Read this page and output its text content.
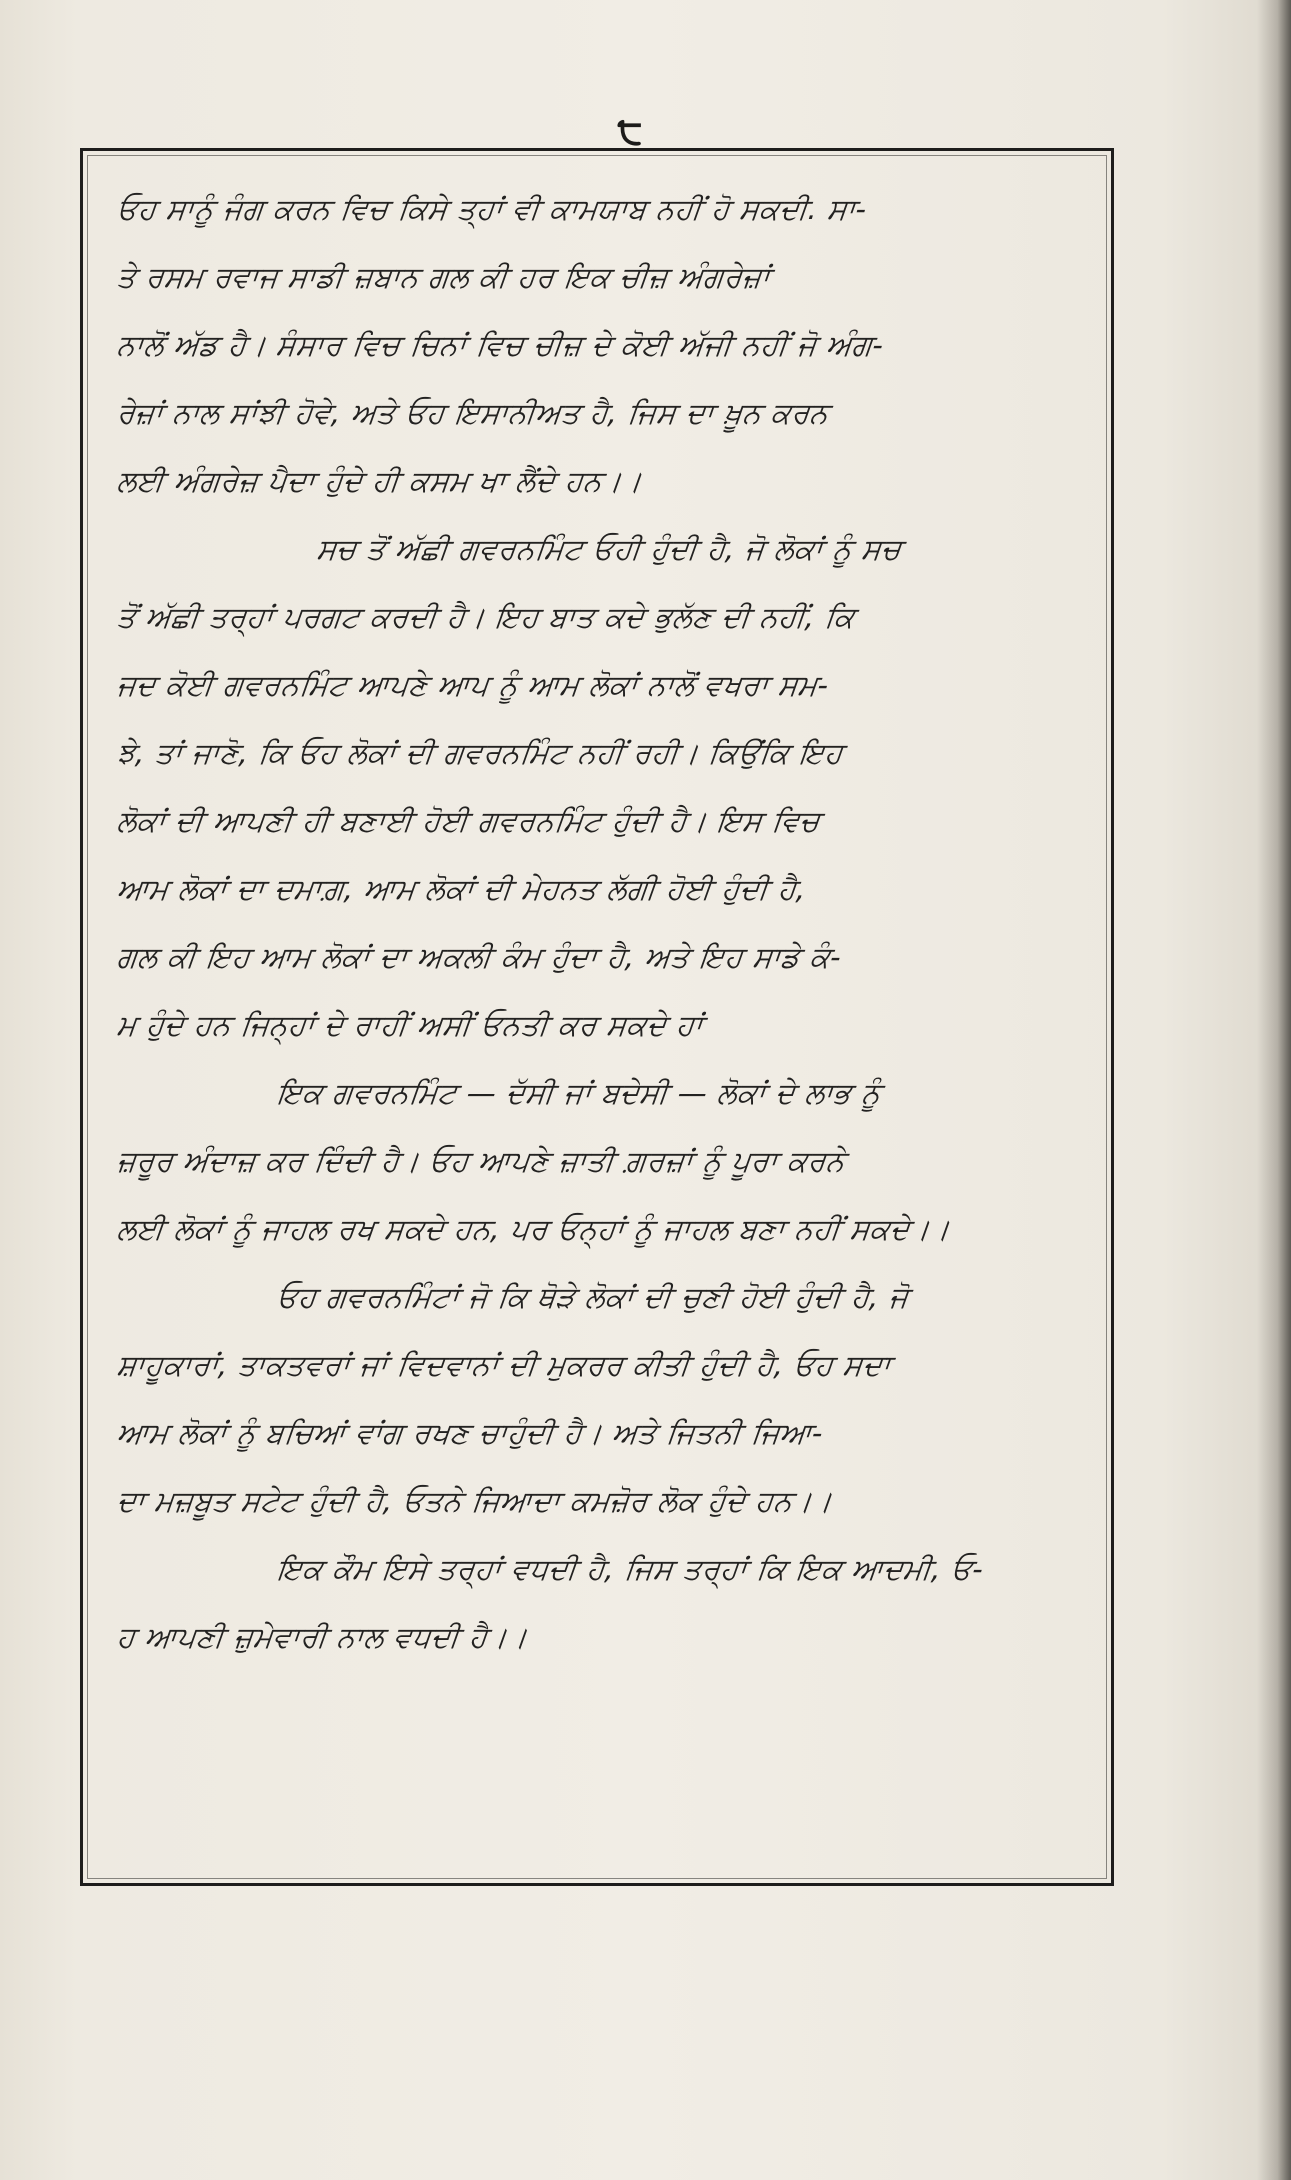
੮
ਓਹ ਸਾਨੂੰ ਜੰਗ ਕਰਨ ਵਿਚ ਕਿਸੇ ਤ੍ਹਾਂ ਵੀ ਕਾਮਯਾਬ ਨਹੀਂ ਹੋ ਸਕਦੀ. ਸਾ-
ਤੇ ਰਸਮ ਰਵਾਜ ਸਾਡੀ ਜ਼ਬਾਨ ਗਲ ਕੀ ਹਰ ਇਕ ਚੀਜ਼ ਅੰਗਰੇਜ਼ਾਂ
ਨਾਲੋਂ ਅੱਡ ਹੈ। ਸੰਸਾਰ ਵਿਚ ਚਿਨਾਂ ਵਿਚ ਚੀਜ਼ ਦੇ ਕੋਈ ਅੱਜੀ ਨਹੀਂ ਜੋ ਅੰਗ-
ਰੇਜ਼ਾਂ ਨਾਲ ਸਾਂਝੀ ਹੋਵੇ, ਅਤੇ ਓਹ ਇਸਾਨੀਅਤ ਹੈ, ਜਿਸ ਦਾ ਖ਼ੂਨ ਕਰਨ
ਲਈ ਅੰਗਰੇਜ਼ ਪੈਦਾ ਹੁੰਦੇ ਹੀ ਕਸਮ ਖਾ ਲੈਂਦੇ ਹਨ।।
ਸਚ ਤੋਂ ਅੱਛੀ ਗਵਰਨਮਿੰਟ ਓਹੀ ਹੁੰਦੀ ਹੈ, ਜੋ ਲੋਕਾਂ ਨੂੰ ਸਚ
ਤੋਂ ਅੱਛੀ ਤਰ੍ਹਾਂ ਪਰਗਟ ਕਰਦੀ ਹੈ। ਇਹ ਬਾਤ ਕਦੇ ਭੁਲੱਣ ਦੀ ਨਹੀਂ, ਕਿ
ਜਦ ਕੋਈ ਗਵਰਨਮਿੰਟ ਆਪਣੇ ਆਪ ਨੂੰ ਆਮ ਲੋਕਾਂ ਨਾਲੋਂ ਵਖਰਾ ਸਮ-
ਝੇ, ਤਾਂ ਜਾਣੋ, ਕਿ ਓਹ ਲੋਕਾਂ ਦੀ ਗਵਰਨਮਿੰਟ ਨਹੀਂ ਰਹੀ। ਕਿਉਂਕਿ ਇਹ
ਲੋਕਾਂ ਦੀ ਆਪਣੀ ਹੀ ਬਣਾਈ ਹੋਈ ਗਵਰਨਮਿੰਟ ਹੁੰਦੀ ਹੈ। ਇਸ ਵਿਚ
ਆਮ ਲੋਕਾਂ ਦਾ ਦਮਾਗ਼, ਆਮ ਲੋਕਾਂ ਦੀ ਮੇਹਨਤ ਲੱਗੀ ਹੋਈ ਹੁੰਦੀ ਹੈ,
ਗਲ ਕੀ ਇਹ ਆਮ ਲੋਕਾਂ ਦਾ ਅਕਲੀ ਕੰਮ ਹੁੰਦਾ ਹੈ, ਅਤੇ ਇਹ ਸਾਡੇ ਕੰ-
ਮ ਹੁੰਦੇ ਹਨ ਜਿਨ੍ਹਾਂ ਦੇ ਰਾਹੀਂ ਅਸੀਂ ਓਨਤੀ ਕਰ ਸਕਦੇ ਹਾਂ
ਇਕ ਗਵਰਨਮਿੰਟ — ਦੱਸੀ ਜਾਂ ਬਦੇਸੀ — ਲੋਕਾਂ ਦੇ ਲਾਭ ਨੂੰ
ਜ਼ਰੂਰ ਅੰਦਾਜ਼ ਕਰ ਦਿੰਦੀ ਹੈ। ਓਹ ਆਪਣੇ ਜ਼ਾਤੀ ਗ਼ਰਜ਼ਾਂ ਨੂੰ ਪੂਰਾ ਕਰਨੇ
ਲਈ ਲੋਕਾਂ ਨੂੰ ਜਾਹਲ ਰਖ ਸਕਦੇ ਹਨ, ਪਰ ਓਨ੍ਹਾਂ ਨੂੰ ਜਾਹਲ ਬਣਾ ਨਹੀਂ ਸਕਦੇ।।
ਓਹ ਗਵਰਨਮਿੰਟਾਂ ਜੋ ਕਿ ਥੋੜੇ ਲੋਕਾਂ ਦੀ ਚੁਣੀ ਹੋਈ ਹੁੰਦੀ ਹੈ, ਜੋ
ਸ਼ਾਹੂਕਾਰਾਂ, ਤਾਕਤਵਰਾਂ ਜਾਂ ਵਿਦਵਾਨਾਂ ਦੀ ਮੁਕਰਰ ਕੀਤੀ ਹੁੰਦੀ ਹੈ, ਓਹ ਸਦਾ
ਆਮ ਲੋਕਾਂ ਨੂੰ ਬਚਿਆਂ ਵਾਂਗ ਰਖਣ ਚਾਹੁੰਦੀ ਹੈ। ਅਤੇ ਜਿਤਨੀ ਜਿਆ-
ਦਾ ਮਜ਼ਬੂਤ ਸਟੇਟ ਹੁੰਦੀ ਹੈ, ਓਤਨੇ ਜਿਆਦਾ ਕਮਜ਼ੋਰ ਲੋਕ ਹੁੰਦੇ ਹਨ।।
ਇਕ ਕੌਮ ਇਸੇ ਤਰ੍ਹਾਂ ਵਧਦੀ ਹੈ, ਜਿਸ ਤਰ੍ਹਾਂ ਕਿ ਇਕ ਆਦਮੀ, ਓ-
ਹ ਆਪਣੀ ਜ਼ੁਮੇਵਾਰੀ ਨਾਲ ਵਧਦੀ ਹੈ।।
